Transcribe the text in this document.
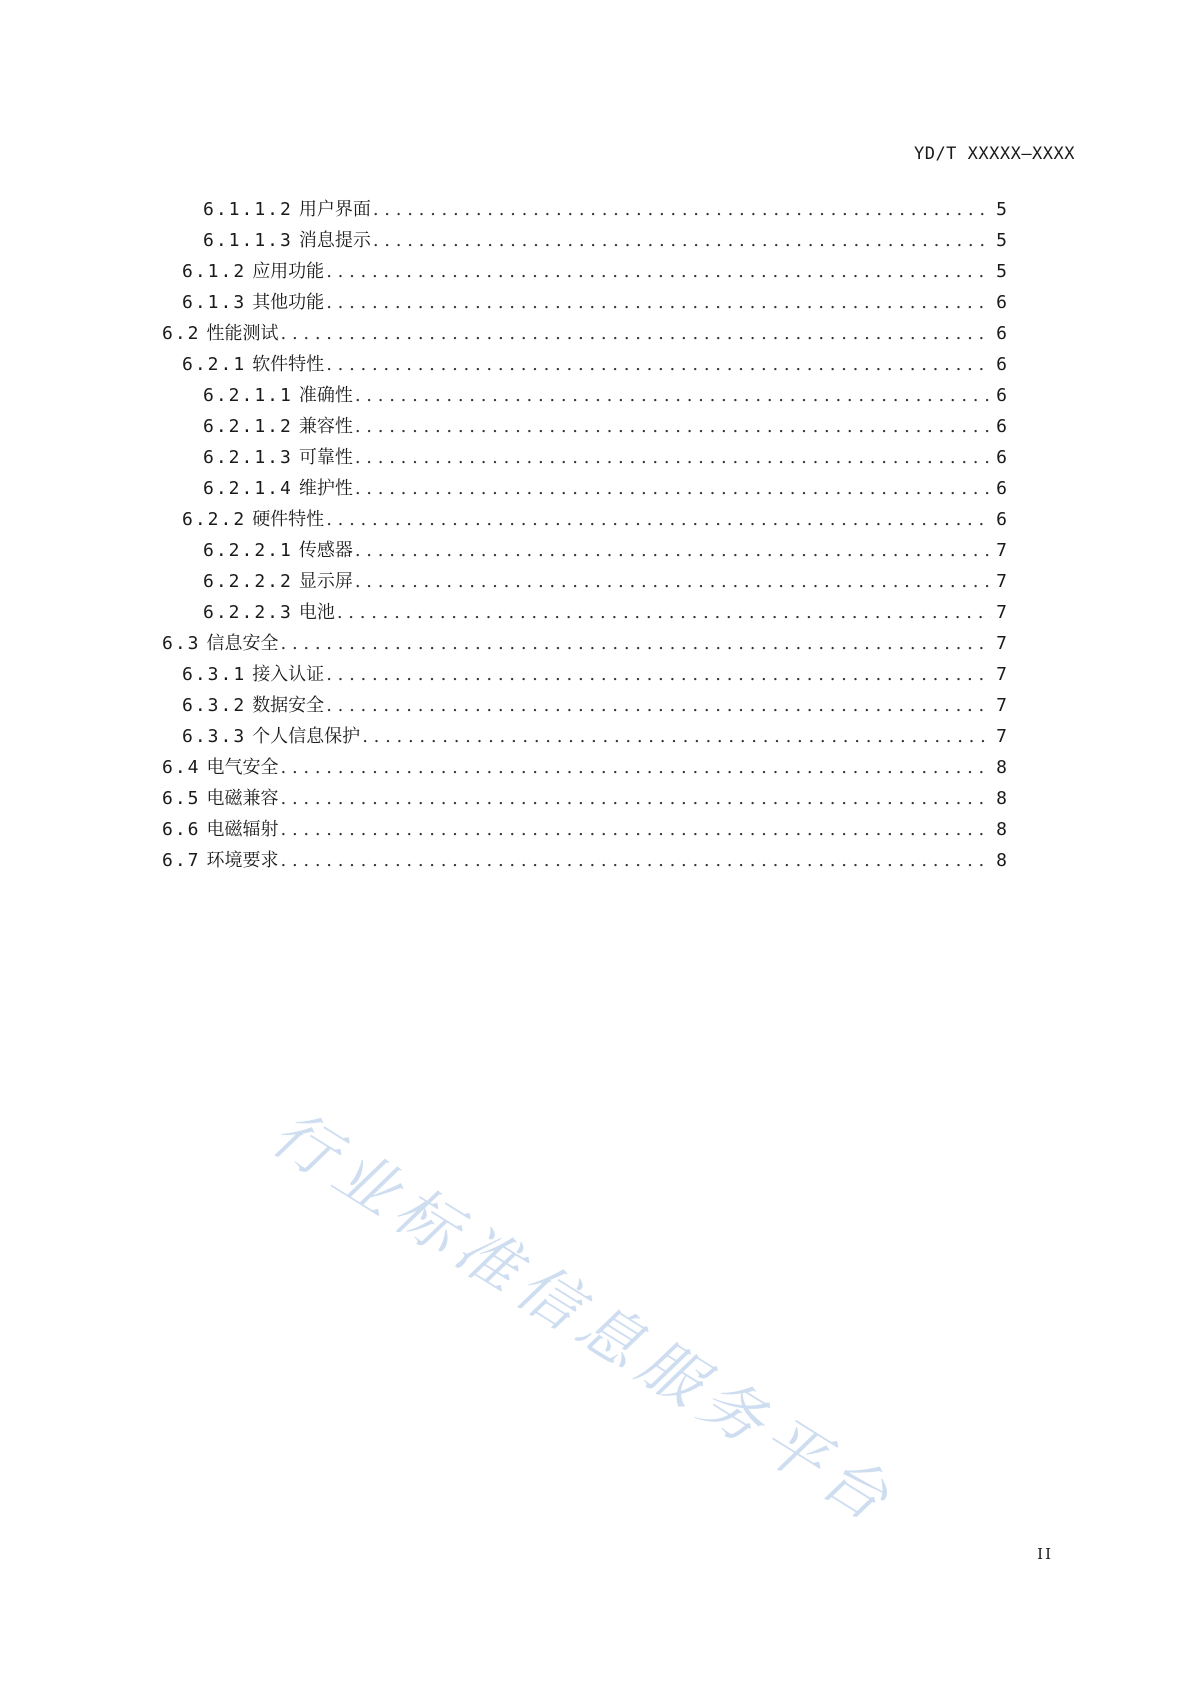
YD/T XXXXX—XXXX
6.1.1.2 用户界面 . . .	5
6.1.1.3 消息提示 . . .	5
6.1.2 应用功能 . . .	5
6.1.3 其他功能 . . .	6
6.2 性能测试 . . .	6
6.2.1 软件特性 . . .	6
6.2.1.1 准确性 . . .	6
6.2.1.2 兼容性 . . .	6
6.2.1.3 可靠性 . . .	6
6.2.1.4 维护性 . . .	6
6.2.2 硬件特性 . . .	6
6.2.2.1 传感器 . . .	7
6.2.2.2 显示屏 . . .	7
6.2.2.3 电池 . . .	7
6.3 信息安全 . . .	7
6.3.1 接入认证 . . .	7
6.3.2 数据安全 . . .	7
6.3.3 个人信息保护 . . .	7
6.4 电气安全 . . .	8
6.5 电磁兼容 . . .	8
6.6 电磁辐射 . . .	8
6.7 环境要求 . . .	8
行业标准信息服务平台
II
